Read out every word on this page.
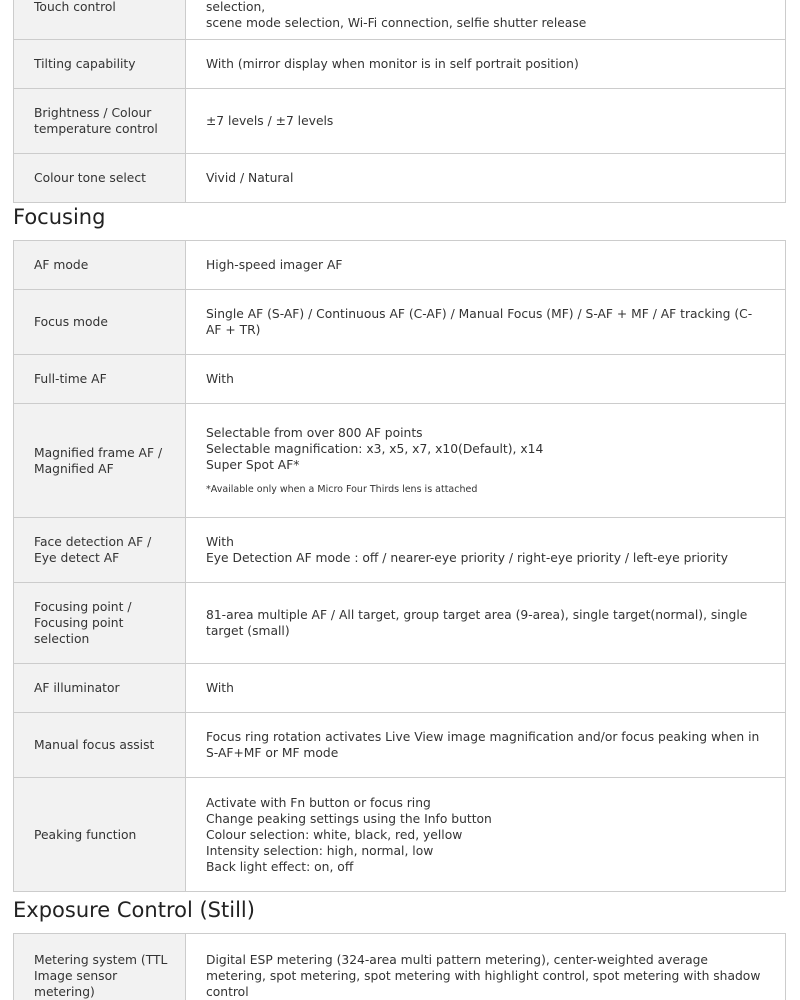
Touch control	selection,
scene mode selection, Wi-Fi connection, selfie shutter release

Tilting capability	With (mirror display when monitor is in self portrait position)
Brightness / Colour temperature control	±7 levels / ±7 levels
Colour tone select	Vivid / Natural
Focusing
AF mode	High-speed imager AF
Focus mode	Single AF (S-AF) / Continuous AF (C-AF) / Manual Focus (MF) / S-AF + MF / AF tracking (C-AF + TR)
Full-time AF	With
Magnified frame AF / Magnified AF	Selectable from over 800 AF points
Selectable magnification: x3, x5, x7, x10(Default), x14
Super Spot AF*
*Available only when a Micro Four Thirds lens is attached

Face detection AF / Eye detect AF	With
Eye Detection AF mode : off / nearer-eye priority / right-eye priority / left-eye priority

Focusing point / Focusing point selection	81-area multiple AF / All target, group target area (9-area), single target(normal), single target (small)
AF illuminator	With
Manual focus assist	Focus ring rotation activates Live View image magnification and/or focus peaking when in S-AF+MF or MF mode
Peaking function	Activate with Fn button or focus ring
Change peaking settings using the Info button
Colour selection: white, black, red, yellow
Intensity selection: high, normal, low
Back light effect: on, off
Exposure Control (Still)
Metering system (TTL Image sensor metering)	Digital ESP metering (324-area multi pattern metering), center-weighted average metering, spot metering, spot metering with highlight control, spot metering with shadow control
